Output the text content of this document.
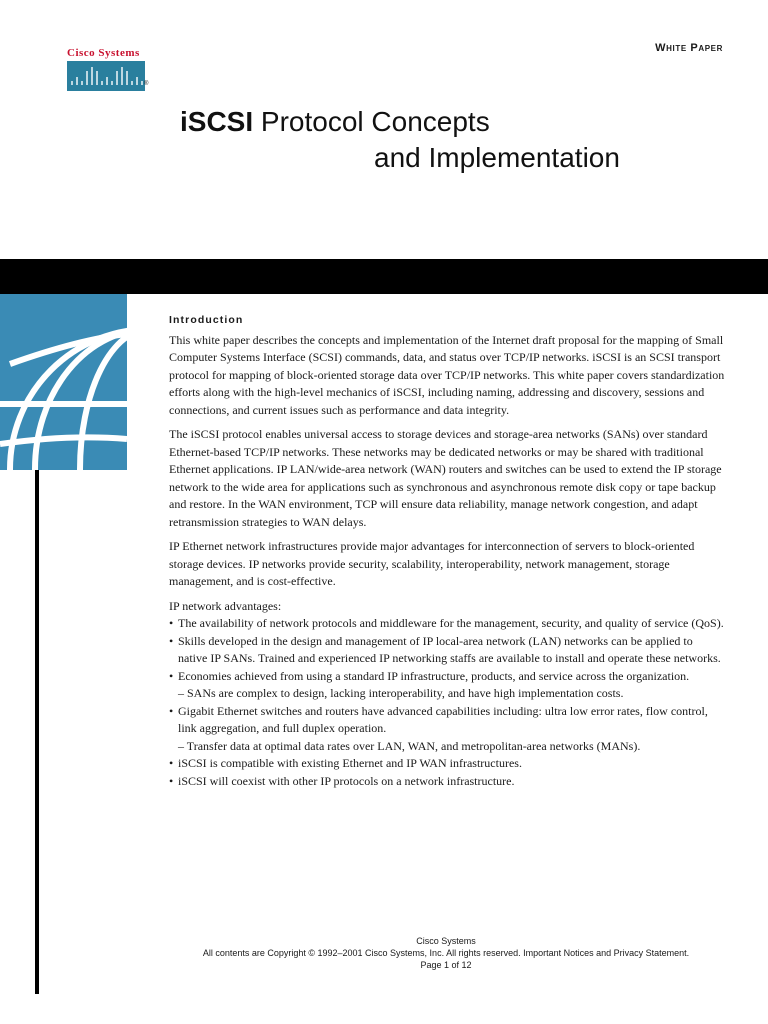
Cisco Systems
®
White Paper
iSCSI Protocol Concepts
and Implementation
Introduction

This white paper describes the concepts and implementation of the Internet draft proposal for the mapping of Small Computer Systems Interface (SCSI) commands, data, and status over TCP/IP networks. iSCSI is an SCSI transport protocol for mapping of block-oriented storage data over TCP/IP networks. This white paper covers standardization efforts along with the high-level mechanics of iSCSI, including naming, addressing and discovery, sessions and connections, and current issues such as performance and data integrity.

The iSCSI protocol enables universal access to storage devices and storage-area networks (SANs) over standard Ethernet-based TCP/IP networks. These networks may be dedicated networks or may be shared with traditional Ethernet applications. IP LAN/wide-area network (WAN) routers and switches can be used to extend the IP storage network to the wide area for applications such as synchronous and asynchronous remote disk copy or tape backup and restore. In the WAN environment, TCP will ensure data reliability, manage network congestion, and adapt retransmission strategies to WAN delays.

IP Ethernet network infrastructures provide major advantages for interconnection of servers to block-oriented storage devices. IP networks provide security, scalability, interoperability, network management, storage management, and is cost-effective.

IP network advantages:
• The availability of network protocols and middleware for the management, security, and quality of service (QoS).
• Skills developed in the design and management of IP local-area network (LAN) networks can be applied to native IP SANs. Trained and experienced IP networking staffs are available to install and operate these networks.
• Economies achieved from using a standard IP infrastructure, products, and service across the organization.
– SANs are complex to design, lacking interoperability, and have high implementation costs.
• Gigabit Ethernet switches and routers have advanced capabilities including: ultra low error rates, flow control, link aggregation, and full duplex operation.
– Transfer data at optimal data rates over LAN, WAN, and metropolitan-area networks (MANs).
• iSCSI is compatible with existing Ethernet and IP WAN infrastructures.
• iSCSI will coexist with other IP protocols on a network infrastructure.
Cisco Systems
All contents are Copyright © 1992–2001 Cisco Systems, Inc. All rights reserved. Important Notices and Privacy Statement.
Page 1 of 12
